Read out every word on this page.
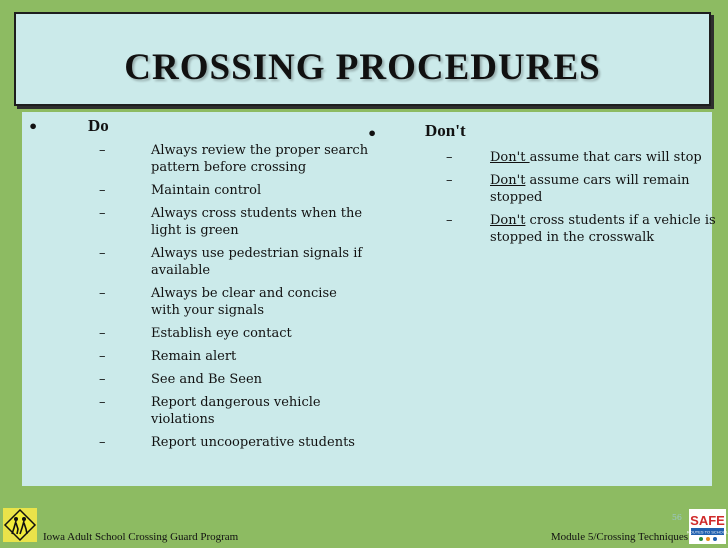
CROSSING PROCEDURES
•	Do
–	Always review the proper search pattern before crossing
–	Maintain control
–	Always cross students when the light is green
–	Always use pedestrian signals if available
–	Always be clear and concise with your signals
–	Establish eye contact
–	Remain alert
–	See and Be Seen
–	Report dangerous vehicle violations
–	Report uncooperative students
•	Don't
–	Don't assume that cars will stop
–	Don't assume cars will remain stopped
–	Don't cross students if a vehicle is stopped in the crosswalk
56 SAFE
ROUTES TO SCHOOL
Iowa Adult School Crossing Guard Program	Module 5/Crossing Techniques
